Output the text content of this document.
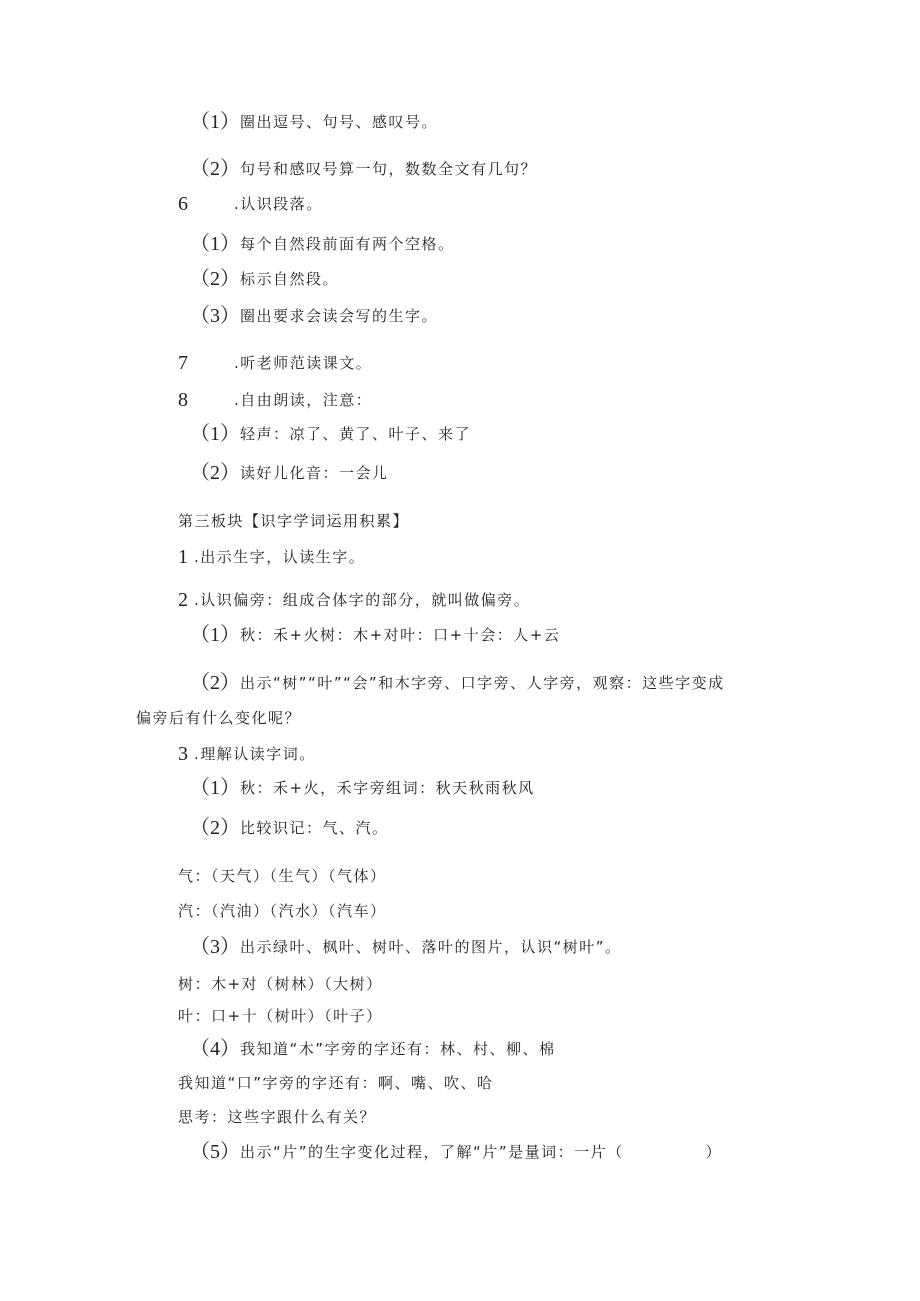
（1）圈出逗号、句号、感叹号。
（2）句号和感叹号算一句，数数全文有几句？
6	.认识段落。
（1）每个自然段前面有两个空格。
（2）标示自然段。
（3）圈出要求会读会写的生字。
7	.听老师范读课文。
8	.自由朗读，注意：
（1）轻声：凉了、黄了、叶子、来了
（2）读好儿化音：一会儿
第三板块【识字学词运用积累】
1 .出示生字，认读生字。
2 .认识偏旁：组成合体字的部分，就叫做偏旁。
（1）秋：禾+火树：木+对叶：口+十会：人+云
（2）出示“树”“叶”“会”和木字旁、口字旁、人字旁，观察：这些字变成
偏旁后有什么变化呢？
3 .理解认读字词。
（1）秋：禾+火，禾字旁组词：秋天秋雨秋风
（2）比较识记：气、汽。
气：（天气）（生气）（气体）
汽：（汽油）（汽水）（汽车）
（3）出示绿叶、枫叶、树叶、落叶的图片，认识“树叶”。
树：木+对（树林）（大树）
叶：口+十（树叶）（叶子）
（4）我知道“木”字旁的字还有：林、村、柳、棉
我知道“口”字旁的字还有：啊、嘴、吹、哈
思考：这些字跟什么有关？
（5）出示“片”的生字变化过程，了解“片”是量词：一片（	）
